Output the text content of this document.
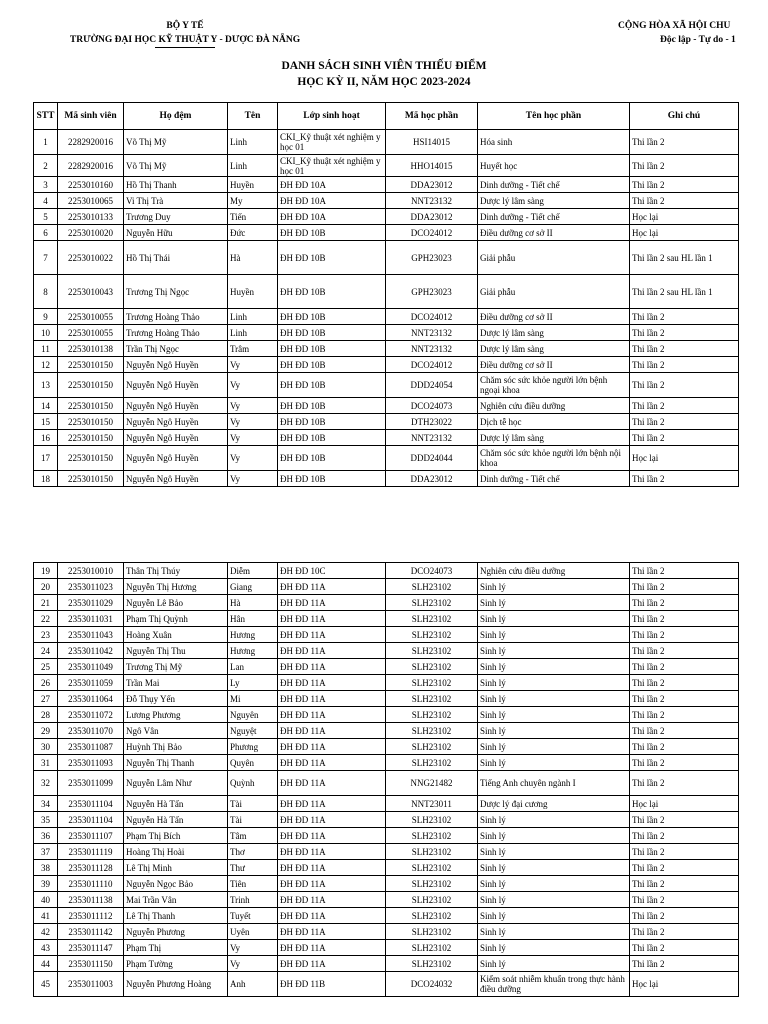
BỘ Y TẾ
TRƯỜNG ĐẠI HỌC KỸ THUẬT Y - DƯỢC ĐÀ NẴNG
CỘNG HÒA XÃ HỘI CHU
Độc lập - Tự do - 1
DANH SÁCH SINH VIÊN THIẾU ĐIỂM
HỌC KỲ II, NĂM HỌC 2023-2024
STT	Mã sinh viên	Họ đệm	Tên	Lớp sinh hoạt	Mã học phần	Tên học phần	Ghi chú
1	2282920016	Võ Thị Mỹ	Linh	CKI_Kỹ thuật xét nghiệm y học 01	HSI14015	Hóa sinh	Thi lần 2
2	2282920016	Võ Thị Mỹ	Linh	CKI_Kỹ thuật xét nghiệm y học 01	HHO14015	Huyết học	Thi lần 2
3	2253010160	Hồ Thị Thanh	Huyền	ĐH ĐD 10A	DDA23012	Dinh dưỡng - Tiết chế	Thi lần 2
4	2253010065	Vi Thị Trà	My	ĐH ĐD 10A	NNT23132	Dược lý lâm sàng	Thi lần 2
5	2253010133	Trương Duy	Tiến	ĐH ĐD 10A	DDA23012	Dinh dưỡng - Tiết chế	Học lại
6	2253010020	Nguyễn Hữu	Đức	ĐH ĐD 10B	DCO24012	Điều dưỡng cơ sở II	Học lại
7	2253010022	Hồ Thị Thái	Hà	ĐH ĐD 10B	GPH23023	Giải phẫu	Thi lần 2 sau HL lần 1
8	2253010043	Trương Thị Ngọc	Huyền	ĐH ĐD 10B	GPH23023	Giải phẫu	Thi lần 2 sau HL lần 1
9	2253010055	Trương Hoàng Thảo	Linh	ĐH ĐD 10B	DCO24012	Điều dưỡng cơ sở II	Thi lần 2
10	2253010055	Trương Hoàng Thảo	Linh	ĐH ĐD 10B	NNT23132	Dược lý lâm sàng	Thi lần 2
11	2253010138	Trần Thị Ngọc	Trâm	ĐH ĐD 10B	NNT23132	Dược lý lâm sàng	Thi lần 2
12	2253010150	Nguyễn Ngô Huyền	Vy	ĐH ĐD 10B	DCO24012	Điều dưỡng cơ sở II	Thi lần 2
13	2253010150	Nguyễn Ngô Huyền	Vy	ĐH ĐD 10B	DDD24054	Chăm sóc sức khỏe người lớn bệnh ngoại khoa	Thi lần 2
14	2253010150	Nguyễn Ngô Huyền	Vy	ĐH ĐD 10B	DCO24073	Nghiên cứu điều dưỡng	Thi lần 2
15	2253010150	Nguyễn Ngô Huyền	Vy	ĐH ĐD 10B	DTH23022	Dịch tễ học	Thi lần 2
16	2253010150	Nguyễn Ngô Huyền	Vy	ĐH ĐD 10B	NNT23132	Dược lý lâm sàng	Thi lần 2
17	2253010150	Nguyễn Ngô Huyền	Vy	ĐH ĐD 10B	DDD24044	Chăm sóc sức khỏe người lớn bệnh nội khoa	Học lại
18	2253010150	Nguyễn Ngô Huyền	Vy	ĐH ĐD 10B	DDA23012	Dinh dưỡng - Tiết chế	Thi lần 2
19	2253010010	Thân Thị Thúy	Diễm	ĐH ĐD 10C	DCO24073	Nghiên cứu điều dưỡng	Thi lần 2
20	2353011023	Nguyễn Thị Hương	Giang	ĐH ĐD 11A	SLH23102	Sinh lý	Thi lần 2
21	2353011029	Nguyễn Lê Bảo	Hà	ĐH ĐD 11A	SLH23102	Sinh lý	Thi lần 2
22	2353011031	Phạm Thị Quỳnh	Hân	ĐH ĐD 11A	SLH23102	Sinh lý	Thi lần 2
23	2353011043	Hoàng Xuân	Hương	ĐH ĐD 11A	SLH23102	Sinh lý	Thi lần 2
24	2353011042	Nguyễn Thị Thu	Hương	ĐH ĐD 11A	SLH23102	Sinh lý	Thi lần 2
25	2353011049	Trương Thị Mỹ	Lan	ĐH ĐD 11A	SLH23102	Sinh lý	Thi lần 2
26	2353011059	Trần Mai	Ly	ĐH ĐD 11A	SLH23102	Sinh lý	Thi lần 2
27	2353011064	Đỗ Thụy Yến	Mi	ĐH ĐD 11A	SLH23102	Sinh lý	Thi lần 2
28	2353011072	Lương Phương	Nguyên	ĐH ĐD 11A	SLH23102	Sinh lý	Thi lần 2
29	2353011070	Ngô Vân	Nguyệt	ĐH ĐD 11A	SLH23102	Sinh lý	Thi lần 2
30	2353011087	Huỳnh Thị Bảo	Phương	ĐH ĐD 11A	SLH23102	Sinh lý	Thi lần 2
31	2353011093	Nguyễn Thị Thanh	Quyên	ĐH ĐD 11A	SLH23102	Sinh lý	Thi lần 2
32	2353011099	Nguyễn Lâm Như	Quỳnh	ĐH ĐD 11A	NNG21482	Tiếng Anh chuyên ngành I	Thi lần 2
34	2353011104	Nguyễn Hà Tấn	Tài	ĐH ĐD 11A	NNT23011	Dược lý đại cương	Học lại
35	2353011104	Nguyễn Hà Tấn	Tài	ĐH ĐD 11A	SLH23102	Sinh lý	Thi lần 2
36	2353011107	Phạm Thị Bích	Tâm	ĐH ĐD 11A	SLH23102	Sinh lý	Thi lần 2
37	2353011119	Hoàng Thị Hoài	Thơ	ĐH ĐD 11A	SLH23102	Sinh lý	Thi lần 2
38	2353011128	Lê Thị Minh	Thư	ĐH ĐD 11A	SLH23102	Sinh lý	Thi lần 2
39	2353011110	Nguyễn Ngọc Bảo	Tiên	ĐH ĐD 11A	SLH23102	Sinh lý	Thi lần 2
40	2353011138	Mai Trần Vân	Trinh	ĐH ĐD 11A	SLH23102	Sinh lý	Thi lần 2
41	2353011112	Lê Thị Thanh	Tuyết	ĐH ĐD 11A	SLH23102	Sinh lý	Thi lần 2
42	2353011142	Nguyễn Phương	Uyên	ĐH ĐD 11A	SLH23102	Sinh lý	Thi lần 2
43	2353011147	Phạm Thị	Vy	ĐH ĐD 11A	SLH23102	Sinh lý	Thi lần 2
44	2353011150	Phạm Tường	Vy	ĐH ĐD 11A	SLH23102	Sinh lý	Thi lần 2
45	2353011003	Nguyễn Phương Hoàng	Anh	ĐH ĐD 11B	DCO24032	Kiểm soát nhiễm khuẩn trong thực hành điều dưỡng	Học lại
